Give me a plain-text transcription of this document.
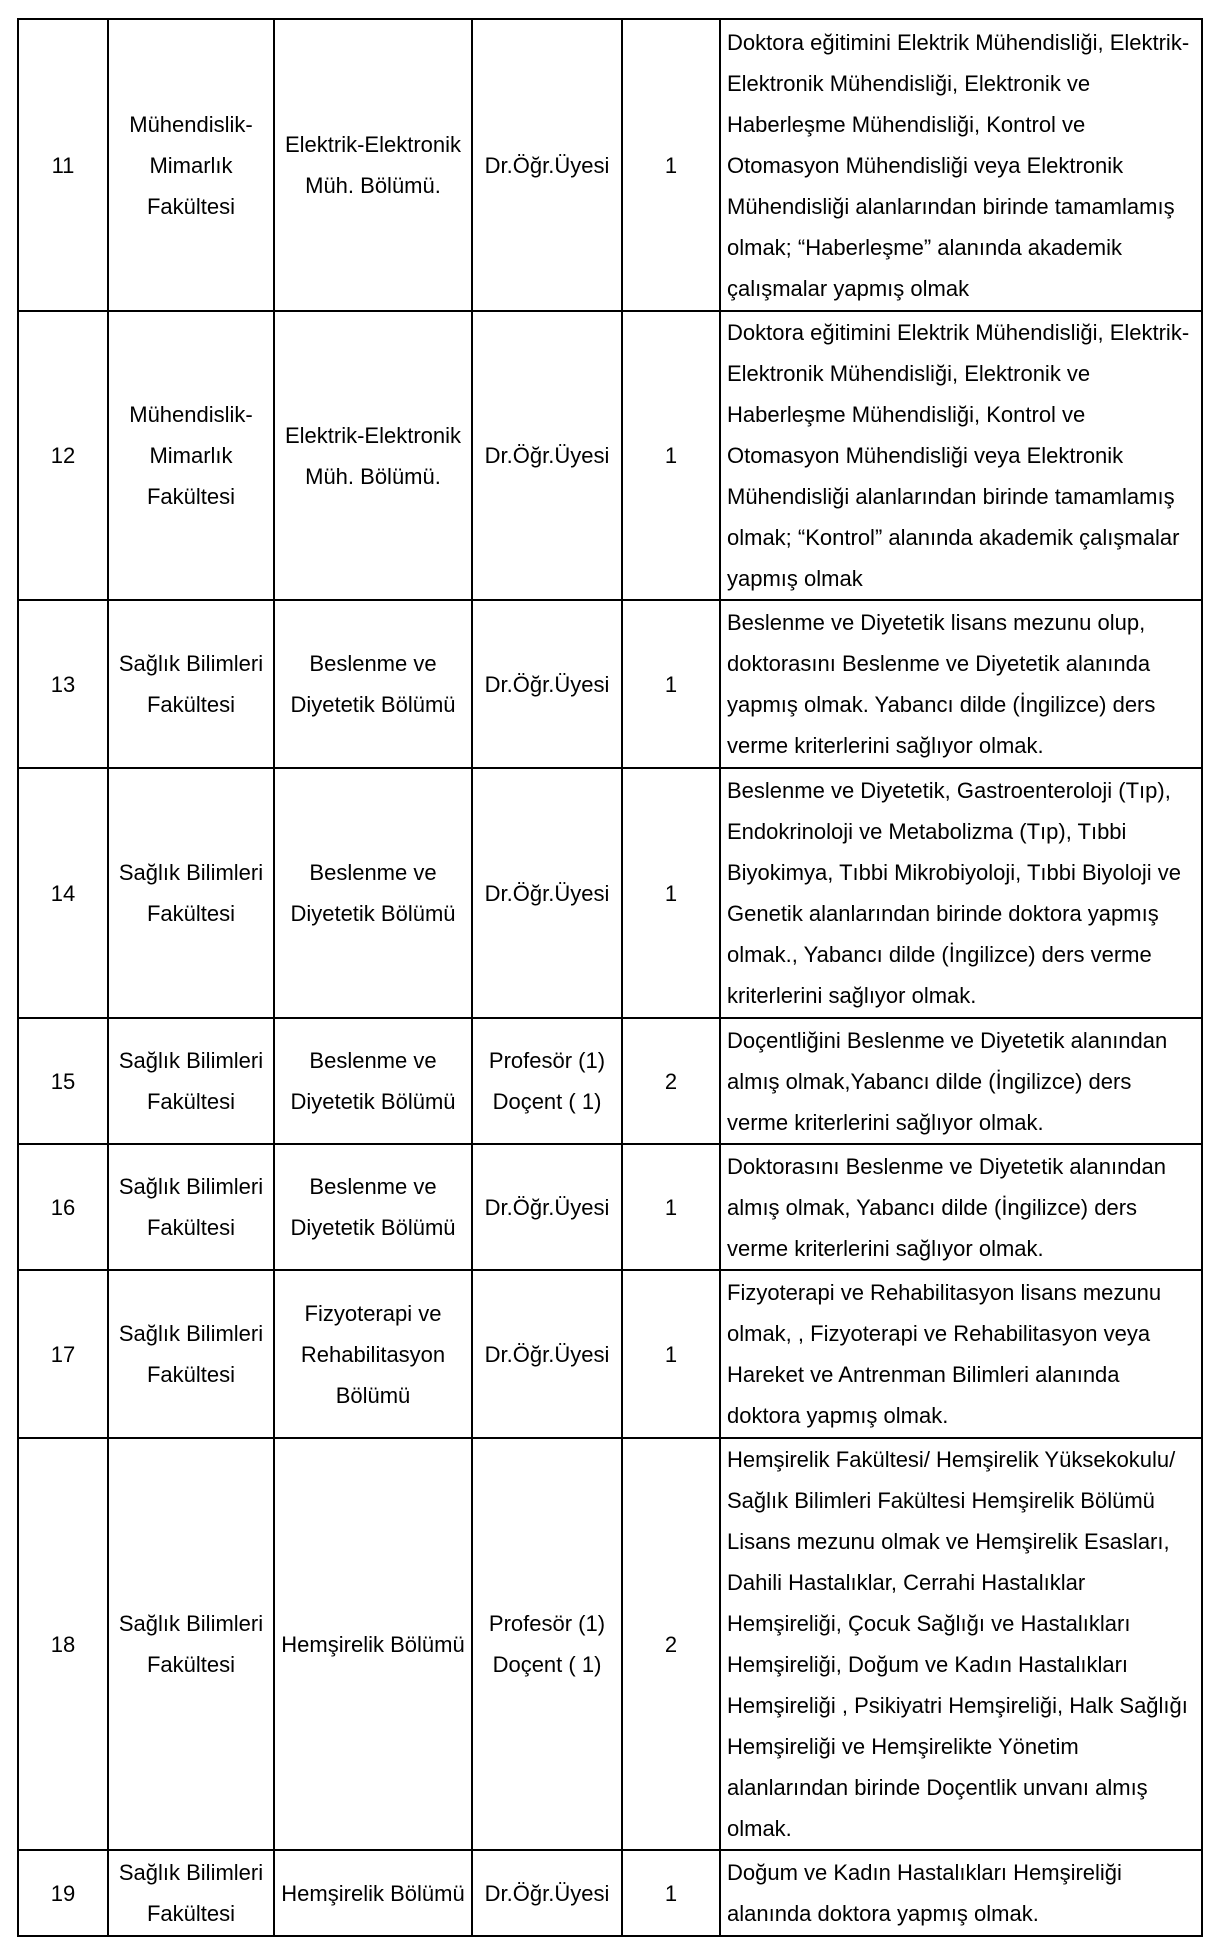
11	Mühendislik-Mimarlık Fakültesi	Elektrik-Elektronik Müh. Bölümü.	Dr.Öğr.Üyesi	1	Doktora eğitimini Elektrik Mühendisliği, Elektrik-Elektronik Mühendisliği, Elektronik ve Haberleşme Mühendisliği, Kontrol ve Otomasyon Mühendisliği veya Elektronik Mühendisliği alanlarından birinde tamamlamış olmak; “Haberleşme” alanında akademik çalışmalar yapmış olmak
12	Mühendislik-Mimarlık Fakültesi	Elektrik-Elektronik Müh. Bölümü.	Dr.Öğr.Üyesi	1	Doktora eğitimini Elektrik Mühendisliği, Elektrik-Elektronik Mühendisliği, Elektronik ve Haberleşme Mühendisliği, Kontrol ve Otomasyon Mühendisliği veya Elektronik Mühendisliği alanlarından birinde tamamlamış olmak; “Kontrol” alanında akademik çalışmalar yapmış olmak
13	Sağlık Bilimleri Fakültesi	Beslenme ve Diyetetik Bölümü	Dr.Öğr.Üyesi	1	Beslenme ve Diyetetik lisans mezunu olup, doktorasını Beslenme ve Diyetetik alanında yapmış olmak. Yabancı dilde (İngilizce) ders verme kriterlerini sağlıyor olmak.
14	Sağlık Bilimleri Fakültesi	Beslenme ve Diyetetik Bölümü	Dr.Öğr.Üyesi	1	Beslenme ve Diyetetik, Gastroenteroloji (Tıp), Endokrinoloji ve Metabolizma (Tıp), Tıbbi Biyokimya, Tıbbi Mikrobiyoloji, Tıbbi Biyoloji ve Genetik alanlarından birinde doktora yapmış olmak., Yabancı dilde (İngilizce) ders verme kriterlerini sağlıyor olmak.
15	Sağlık Bilimleri Fakültesi	Beslenme ve Diyetetik Bölümü	Profesör (1) Doçent ( 1)	2	Doçentliğini Beslenme ve Diyetetik alanından almış olmak,Yabancı dilde (İngilizce) ders verme kriterlerini sağlıyor olmak.
16	Sağlık Bilimleri Fakültesi	Beslenme ve Diyetetik Bölümü	Dr.Öğr.Üyesi	1	Doktorasını Beslenme ve Diyetetik alanından almış olmak, Yabancı dilde (İngilizce) ders verme kriterlerini sağlıyor olmak.
17	Sağlık Bilimleri Fakültesi	Fizyoterapi ve Rehabilitasyon Bölümü	Dr.Öğr.Üyesi	1	Fizyoterapi ve Rehabilitasyon lisans mezunu olmak, , Fizyoterapi ve Rehabilitasyon veya Hareket ve Antrenman Bilimleri alanında doktora yapmış olmak.
18	Sağlık Bilimleri Fakültesi	Hemşirelik Bölümü	Profesör (1) Doçent ( 1)	2	Hemşirelik Fakültesi/ Hemşirelik Yüksekokulu/ Sağlık Bilimleri Fakültesi Hemşirelik Bölümü Lisans mezunu olmak ve Hemşirelik Esasları, Dahili Hastalıklar, Cerrahi Hastalıklar Hemşireliği, Çocuk Sağlığı ve Hastalıkları Hemşireliği, Doğum ve Kadın Hastalıkları Hemşireliği , Psikiyatri Hemşireliği, Halk Sağlığı Hemşireliği ve Hemşirelikte Yönetim alanlarından birinde Doçentlik unvanı almış olmak.
19	Sağlık Bilimleri Fakültesi	Hemşirelik Bölümü	Dr.Öğr.Üyesi	1	Doğum ve Kadın Hastalıkları Hemşireliği alanında doktora yapmış olmak.
